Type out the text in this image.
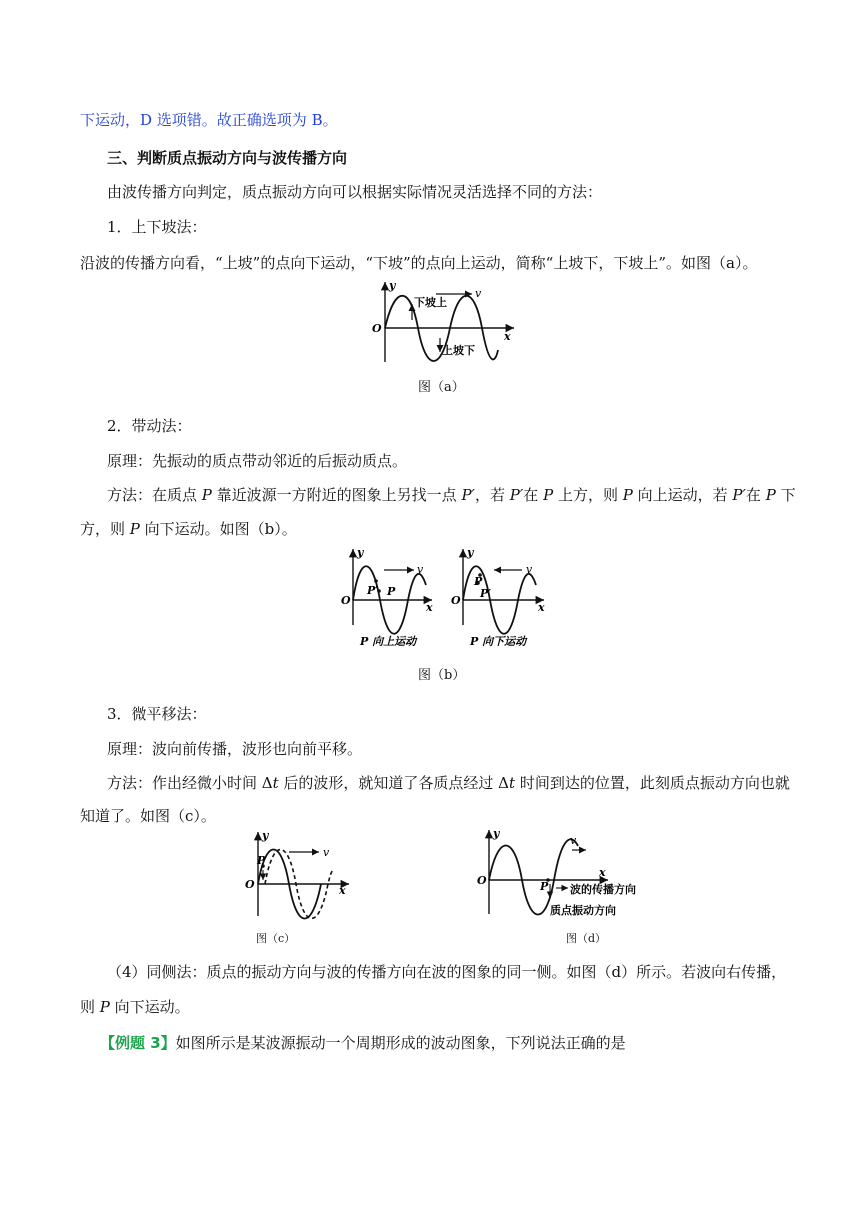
下运动，D 选项错。故正确选项为 B。
三、判断质点振动方向与波传播方向
由波传播方向判定，质点振动方向可以根据实际情况灵活选择不同的方法：
1．上下坡法：
沿波的传播方向看，“上坡”的点向下运动，“下坡”的点向上运动，简称“上坡下，下坡上”。如图（a）。
v
y
O
x
下坡上
上坡下
图（a）
2．带动法：
原理：先振动的质点带动邻近的后振动质点。
方法：在质点 P 靠近波源一方附近的图象上另找一点 P′，若 P′在 P 上方，则 P 向上运动，若 P′在 P 下
方，则 P 向下运动。如图（b）。
v
y
O
x
P′ P
P 向上运动
v
y
O
x
P
P′
P 向下运动
图（b）
3．微平移法：
原理：波向前传播，波形也向前平移。
方法：作出经微小时间 Δt 后的波形，就知道了各质点经过 Δt 时间到达的位置，此刻质点振动方向也就
知道了。如图（c）。
v
y
O	x
P
图（c）
v
y
O
x
P 波的传播方向
质点振动方向
图（d）
（4）同侧法：质点的振动方向与波的传播方向在波的图象的同一侧。如图（d）所示。若波向右传播，
则 P 向下运动。
【例题 3】如图所示是某波源振动一个周期形成的波动图象，下列说法正确的是
